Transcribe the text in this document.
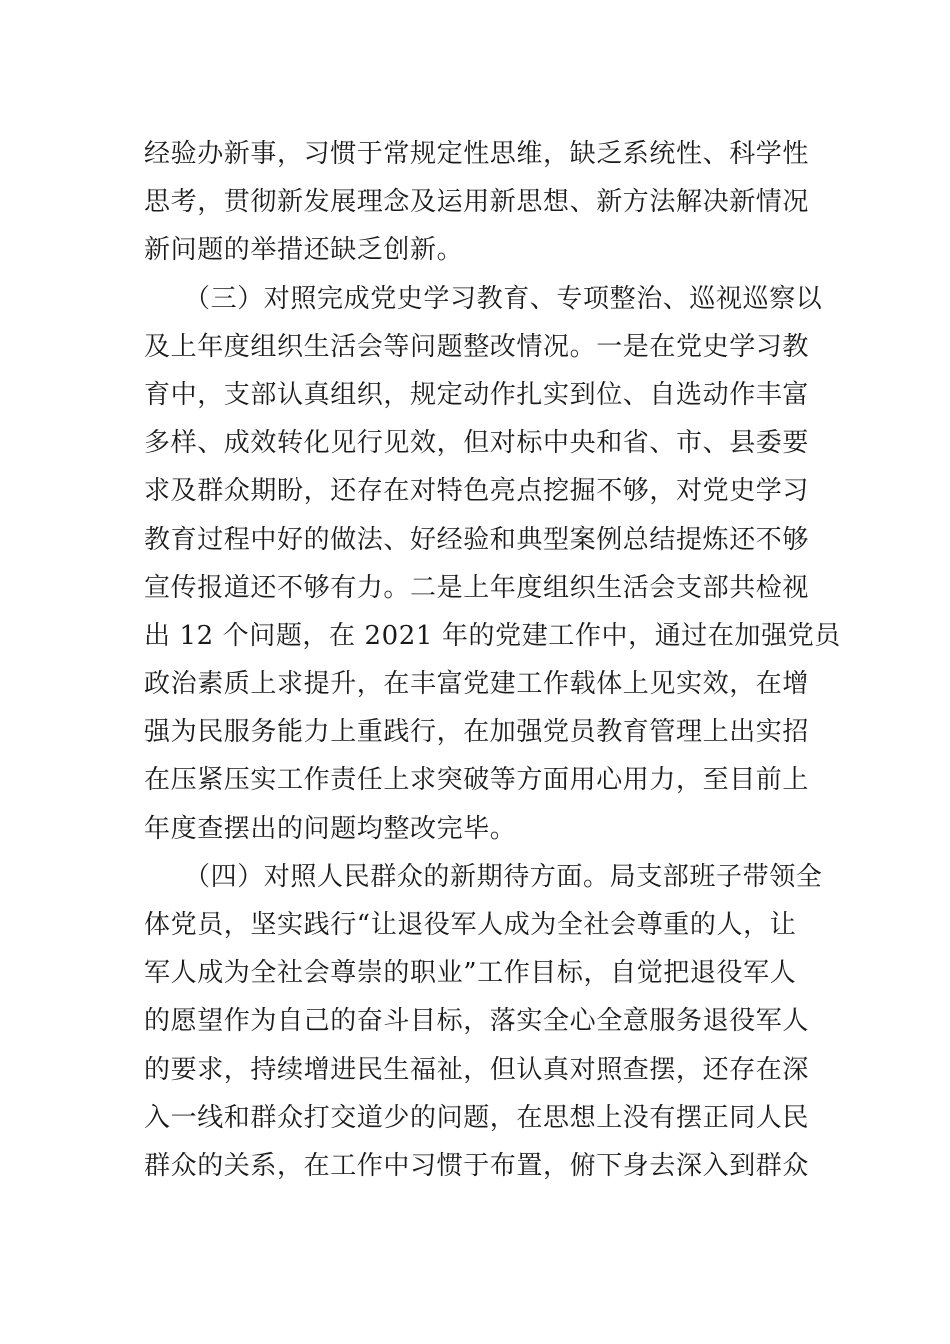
经验办新事，习惯于常规定性思维，缺乏系统性、科学性
思考，贯彻新发展理念及运用新思想、新方法解决新情况
新问题的举措还缺乏创新。
（三）对照完成党史学习教育、专项整治、巡视巡察以
及上年度组织生活会等问题整改情况。一是在党史学习教
育中，支部认真组织，规定动作扎实到位、自选动作丰富
多样、成效转化见行见效，但对标中央和省、市、县委要
求及群众期盼，还存在对特色亮点挖掘不够，对党史学习
教育过程中好的做法、好经验和典型案例总结提炼还不够
宣传报道还不够有力。二是上年度组织生活会支部共检视
出 12 个问题，在 2021 年的党建工作中，通过在加强党员
政治素质上求提升，在丰富党建工作载体上见实效，在增
强为民服务能力上重践行，在加强党员教育管理上出实招
在压紧压实工作责任上求突破等方面用心用力，至目前上
年度查摆出的问题均整改完毕。
（四）对照人民群众的新期待方面。局支部班子带领全
体党员，坚实践行“让退役军人成为全社会尊重的人，让
军人成为全社会尊崇的职业”工作目标，自觉把退役军人
的愿望作为自己的奋斗目标，落实全心全意服务退役军人
的要求，持续增进民生福祉，但认真对照查摆，还存在深
入一线和群众打交道少的问题，在思想上没有摆正同人民
群众的关系，在工作中习惯于布置，俯下身去深入到群众
